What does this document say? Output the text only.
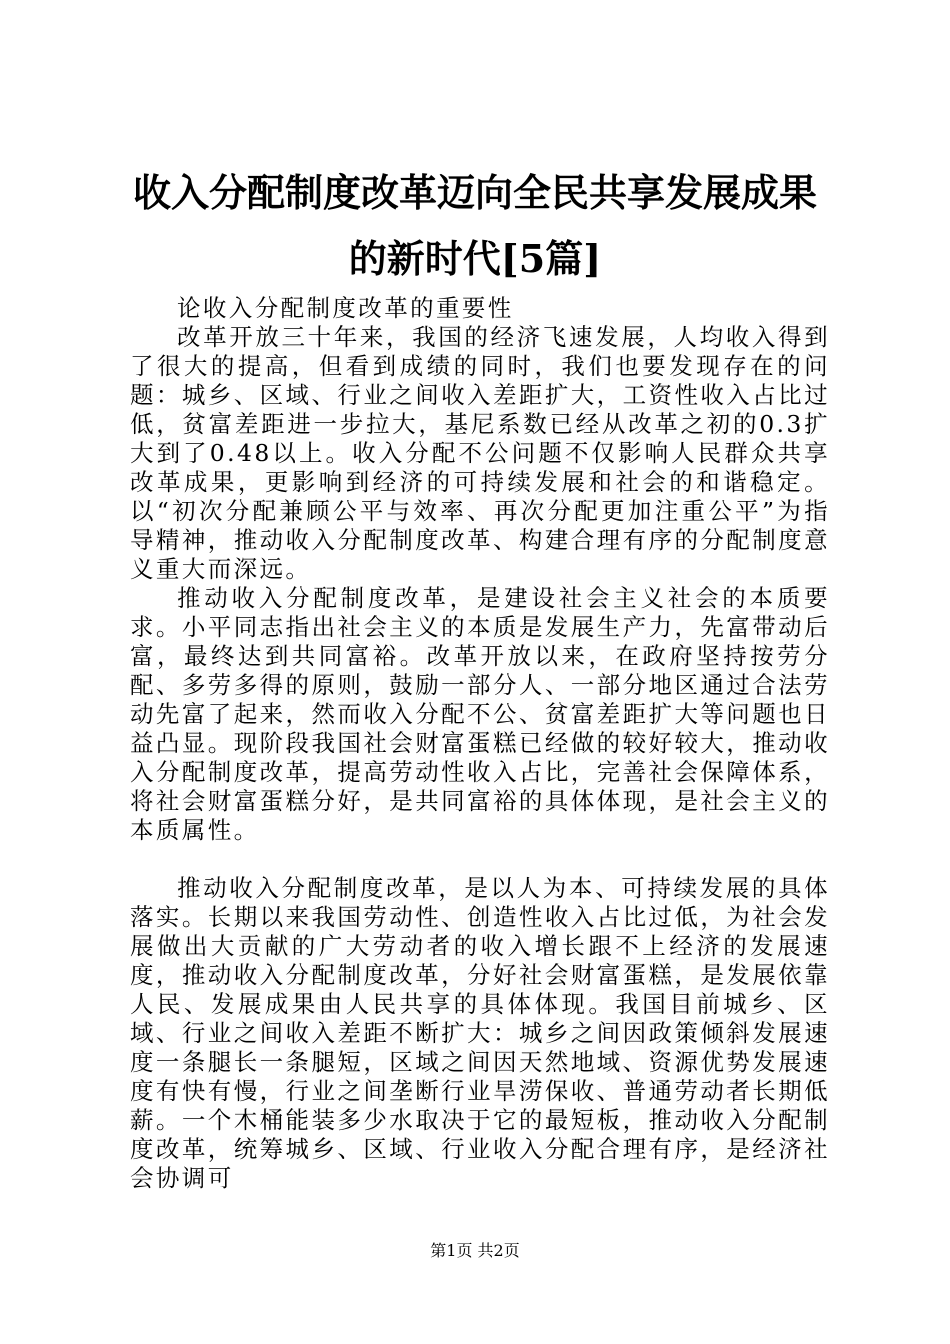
收入分配制度改革迈向全民共享发展成果的新时代[5篇]

论收入分配制度改革的重要性

改革开放三十年来，我国的经济飞速发展，人均收入得到了很大的提高，但看到成绩的同时，我们也要发现存在的问题：城乡、区域、行业之间收入差距扩大，工资性收入占比过低，贫富差距进一步拉大，基尼系数已经从改革之初的0.3扩大到了0.48以上。收入分配不公问题不仅影响人民群众共享改革成果，更影响到经济的可持续发展和社会的和谐稳定。以“初次分配兼顾公平与效率、再次分配更加注重公平”为指导精神，推动收入分配制度改革、构建合理有序的分配制度意义重大而深远。

推动收入分配制度改革，是建设社会主义社会的本质要求。小平同志指出社会主义的本质是发展生产力，先富带动后富，最终达到共同富裕。改革开放以来，在政府坚持按劳分配、多劳多得的原则，鼓励一部分人、一部分地区通过合法劳动先富了起来，然而收入分配不公、贫富差距扩大等问题也日益凸显。现阶段我国社会财富蛋糕已经做的较好较大，推动收入分配制度改革，提高劳动性收入占比，完善社会保障体系，将社会财富蛋糕分好，是共同富裕的具体体现，是社会主义的本质属性。

推动收入分配制度改革，是以人为本、可持续发展的具体落实。长期以来我国劳动性、创造性收入占比过低，为社会发展做出大贡献的广大劳动者的收入增长跟不上经济的发展速度，推动收入分配制度改革，分好社会财富蛋糕，是发展依靠人民、发展成果由人民共享的具体体现。我国目前城乡、区域、行业之间收入差距不断扩大：城乡之间因政策倾斜发展速度一条腿长一条腿短，区域之间因天然地域、资源优势发展速度有快有慢，行业之间垄断行业旱涝保收、普通劳动者长期低薪。一个木桶能装多少水取决于它的最短板，推动收入分配制度改革，统筹城乡、区域、行业收入分配合理有序，是经济社会协调可

第1页 共2页
